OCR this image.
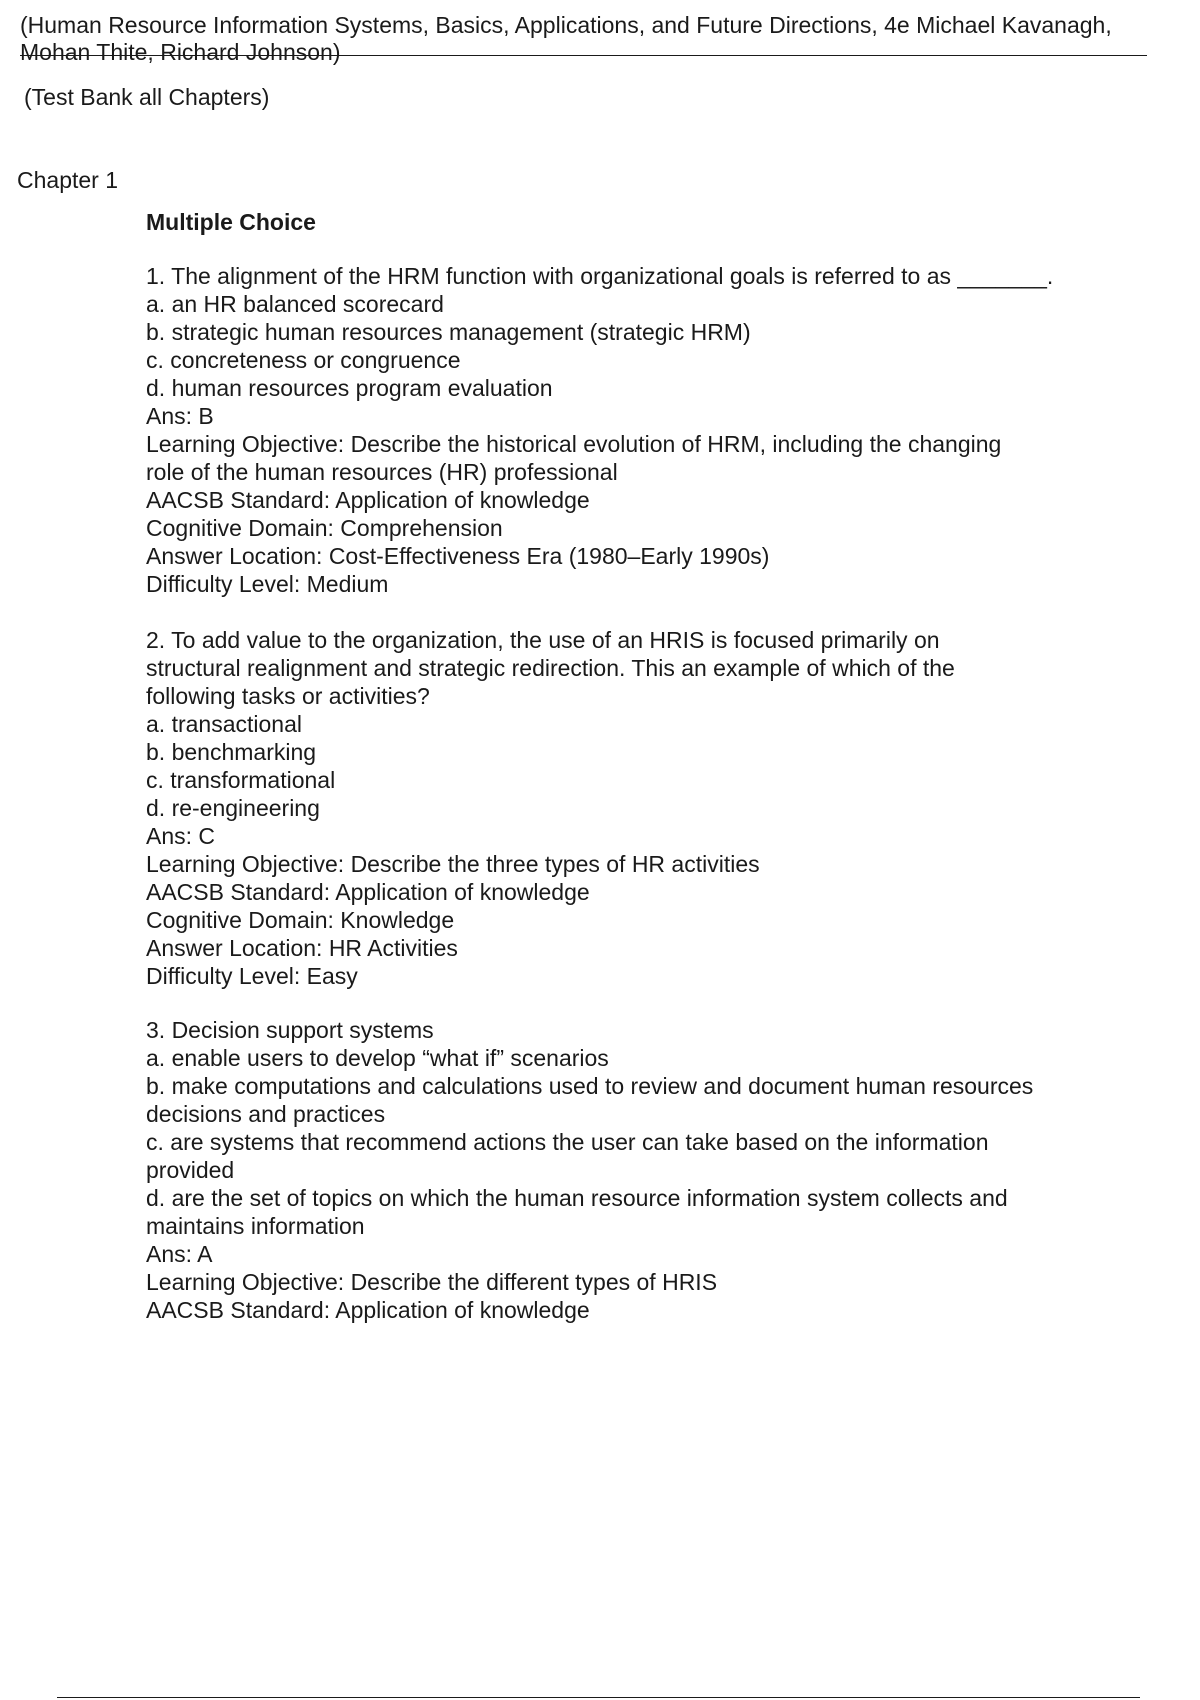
(Human Resource Information Systems, Basics, Applications, and Future Directions, 4e Michael Kavanagh, Mohan Thite, Richard Johnson)

(Test Bank all Chapters)

Chapter 1

Multiple Choice

1. The alignment of the HRM function with organizational goals is referred to as _______.
a. an HR balanced scorecard
b. strategic human resources management (strategic HRM)
c. concreteness or congruence
d. human resources program evaluation
Ans: B
Learning Objective: Describe the historical evolution of HRM, including the changing
role of the human resources (HR) professional
AACSB Standard: Application of knowledge
Cognitive Domain: Comprehension
Answer Location: Cost-Effectiveness Era (1980–Early 1990s)
Difficulty Level: Medium
2. To add value to the organization, the use of an HRIS is focused primarily on
structural realignment and strategic redirection. This an example of which of the
following tasks or activities?
a. transactional
b. benchmarking
c. transformational
d. re-engineering
Ans: C
Learning Objective: Describe the three types of HR activities
AACSB Standard: Application of knowledge
Cognitive Domain: Knowledge
Answer Location: HR Activities
Difficulty Level: Easy
3. Decision support systems
a. enable users to develop “what if” scenarios
b. make computations and calculations used to review and document human resources
decisions and practices
c. are systems that recommend actions the user can take based on the information
provided
d. are the set of topics on which the human resource information system collects and
maintains information
Ans: A
Learning Objective: Describe the different types of HRIS
AACSB Standard: Application of knowledge
